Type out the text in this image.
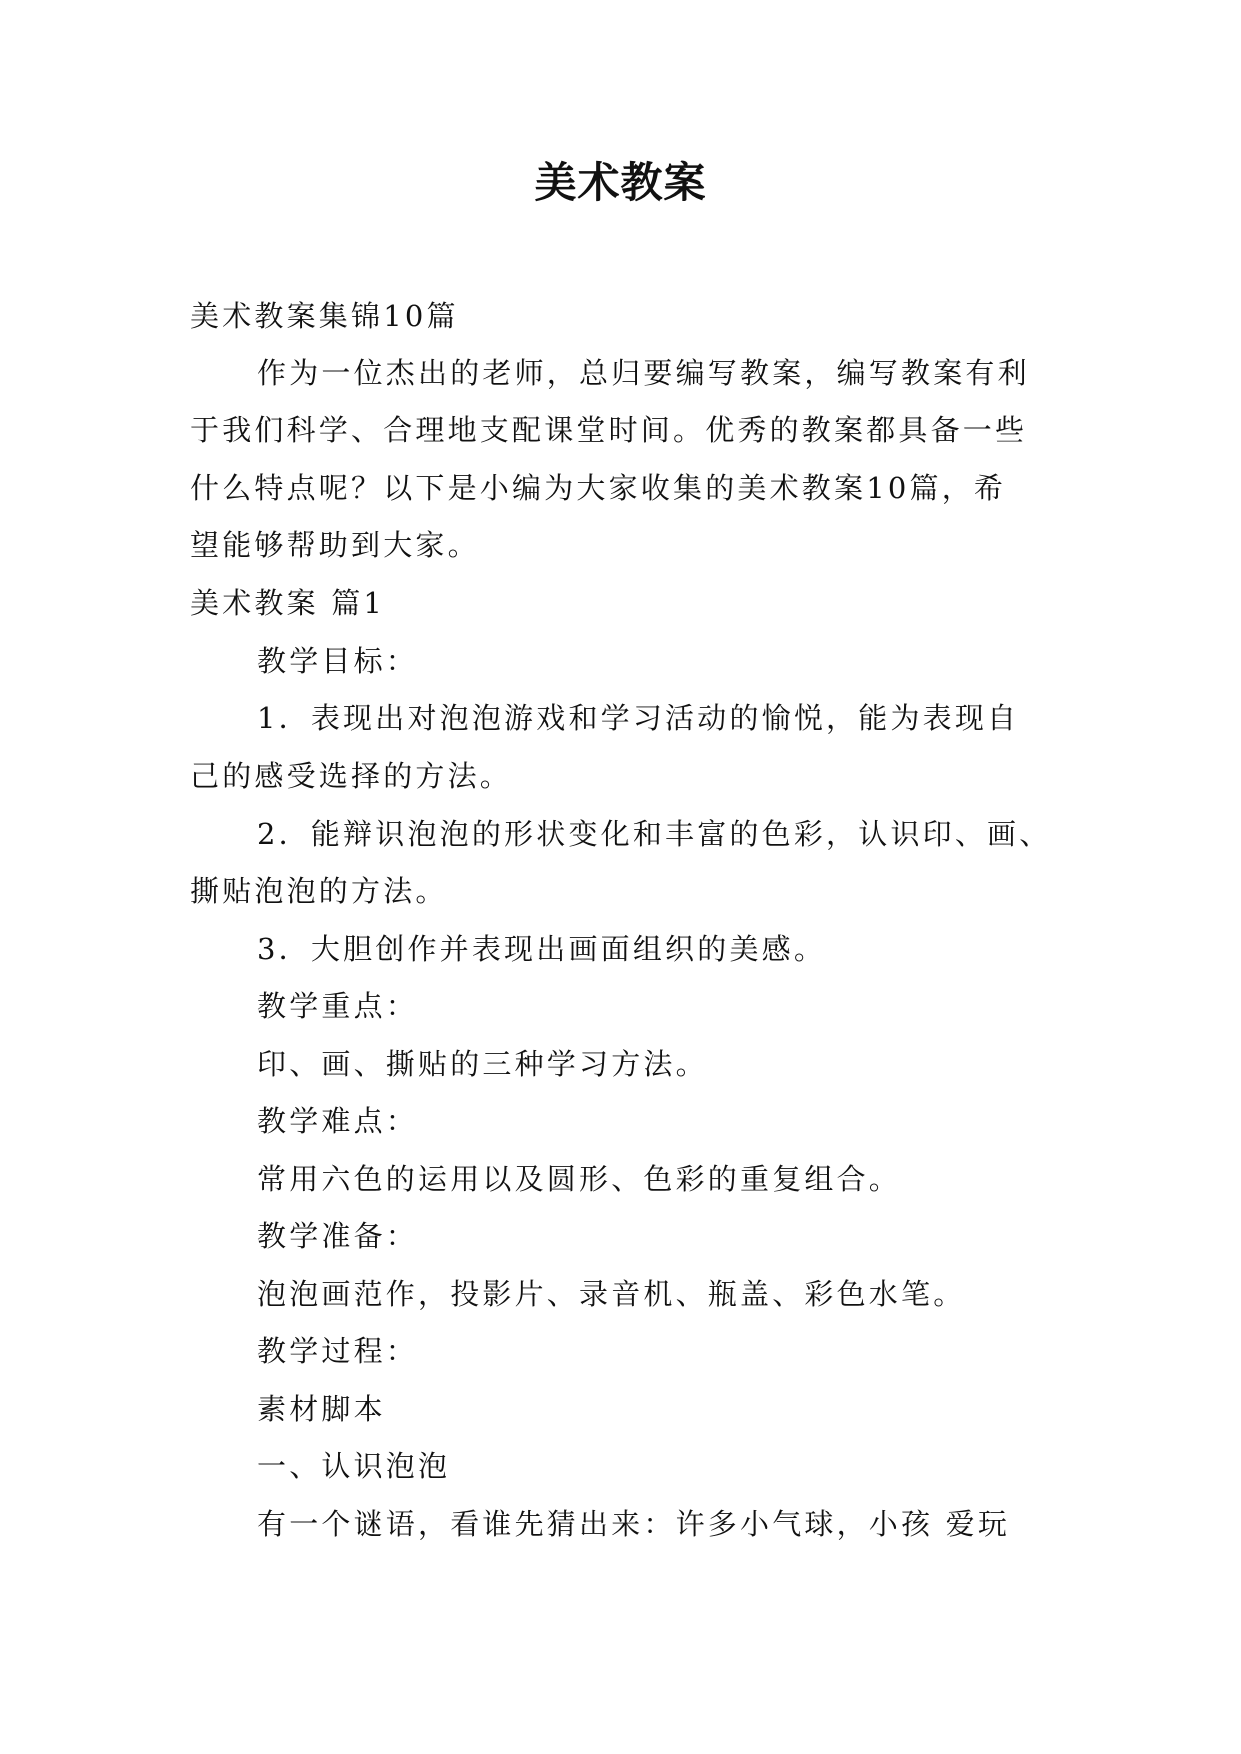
美术教案
美术教案集锦10篇
作为一位杰出的老师，总归要编写教案，编写教案有利
于我们科学、合理地支配课堂时间。优秀的教案都具备一些
什么特点呢？以下是小编为大家收集的美术教案10篇，希
望能够帮助到大家。
美术教案 篇1
教学目标：
1．表现出对泡泡游戏和学习活动的愉悦，能为表现自
己的感受选择的方法。
2．能辩识泡泡的形状变化和丰富的色彩，认识印、画、
撕贴泡泡的方法。
3．大胆创作并表现出画面组织的美感。
教学重点：
印、画、撕贴的三种学习方法。
教学难点：
常用六色的运用以及圆形、色彩的重复组合。
教学准备：
泡泡画范作，投影片、录音机、瓶盖、彩色水笔。
教学过程：
素材脚本
一、认识泡泡
有一个谜语，看谁先猜出来：许多小气球，小孩 爱玩
